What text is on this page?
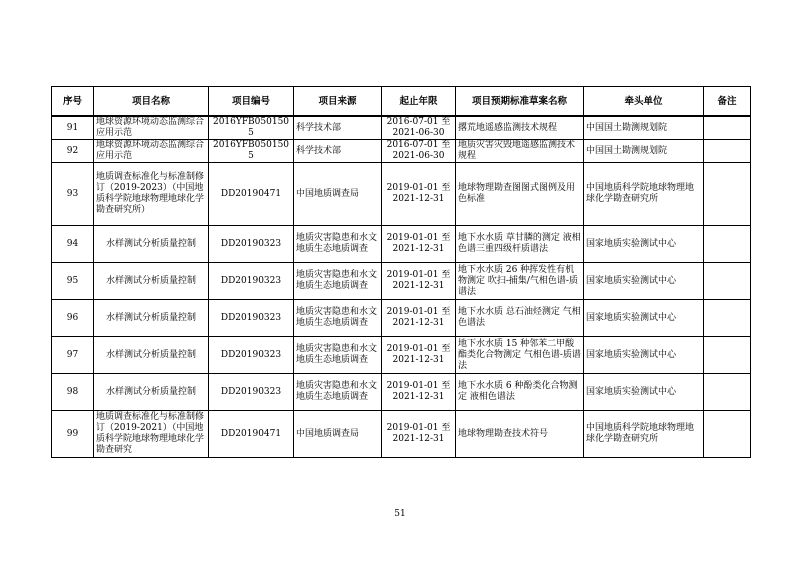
序号	项目名称	项目编号	项目来源	起止年限	项目预期标准草案名称	牵头单位	备注
91	地球资源环境动态监测综合应用示范	2016YFB0501505	科学技术部	2016-07-01 至
2021-06-30	撂荒地遥感监测技术规程	中国国土勘测规划院	
92	地球资源环境动态监测综合应用示范	2016YFB0501505	科学技术部	2016-07-01 至
2021-06-30	地质灾害灾毁地遥感监测技术规程	中国国土勘测规划院	
93	地质调查标准化与标准制修订（2019-2023）（中国地质科学院地球物理地球化学勘查研究所）	DD20190471	中国地质调查局	2019-01-01 至
2021-12-31	地球物理勘查图图式图例及用色标准	中国地质科学院地球物理地球化学勘查研究所	
94	水样测试分析质量控制	DD20190323	地质灾害隐患和水文地质生态地质调查	2019-01-01 至
2021-12-31	地下水水质 草甘膦的测定 液相色谱三重四级杆质谱法	国家地质实验测试中心	
95	水样测试分析质量控制	DD20190323	地质灾害隐患和水文地质生态地质调查	2019-01-01 至
2021-12-31	地下水水质 26 种挥发性有机物测定 吹扫-捕集/气相色谱-质谱法	国家地质实验测试中心	
96	水样测试分析质量控制	DD20190323	地质灾害隐患和水文地质生态地质调查	2019-01-01 至
2021-12-31	地下水水质 总石油烃测定 气相色谱法	国家地质实验测试中心	
97	水样测试分析质量控制	DD20190323	地质灾害隐患和水文地质生态地质调查	2019-01-01 至
2021-12-31	地下水水质 15 种邻苯二甲酸酯类化合物测定 气相色谱-质谱法	国家地质实验测试中心	
98	水样测试分析质量控制	DD20190323	地质灾害隐患和水文地质生态地质调查	2019-01-01 至
2021-12-31	地下水水质 6 种酚类化合物测定 液相色谱法	国家地质实验测试中心	
99	地质调查标准化与标准制修订（2019-2021）（中国地质科学院地球物理地球化学勘查研究	DD20190471	中国地质调查局	2019-01-01 至
2021-12-31	地球物理勘查技术符号	中国地质科学院地球物理地球化学勘查研究所	
51
